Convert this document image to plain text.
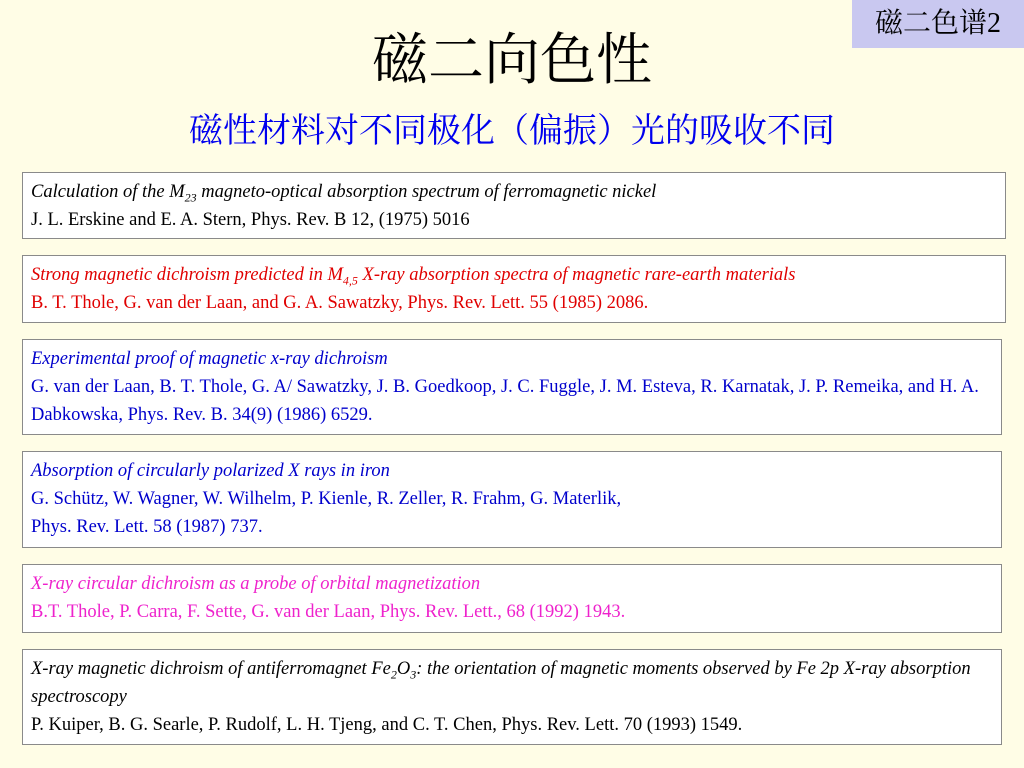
磁二色谱2
磁二向色性
磁性材料对不同极化（偏振）光的吸收不同
Calculation of the $M_{23}$ magneto-optical absorption spectrum of ferromagnetic nickel
J. L. Erskine and E. A. Stern, Phys. Rev. B 12, (1975) 5016
Strong magnetic dichroism predicted in $M_{4,5}$ X-ray absorption spectra of magnetic rare-earth materials
B. T. Thole, G. van der Laan, and G. A. Sawatzky, Phys. Rev. Lett. 55 (1985) 2086.
Experimental proof of magnetic x-ray dichroism
G. van der Laan, B. T. Thole, G. A/ Sawatzky, J. B. Goedkoop, J. C. Fuggle, J. M. Esteva, R. Karnatak, J. P. Remeika, and H. A. Dabkowska, Phys. Rev. B. 34(9) (1986) 6529.
Absorption of circularly polarized X rays in iron
G. Schütz, W. Wagner, W. Wilhelm, P. Kienle, R. Zeller, R. Frahm, G. Materlik,
Phys. Rev. Lett. 58 (1987) 737.
X-ray circular dichroism as a probe of orbital magnetization
B.T. Thole, P. Carra, F. Sette, G. van der Laan, Phys. Rev. Lett., 68 (1992) 1943.
X-ray magnetic dichroism of antiferromagnet $Fe_2O_3$: the orientation of magnetic moments observed by Fe 2p X-ray absorption spectroscopy
P. Kuiper, B. G. Searle, P. Rudolf, L. H. Tjeng, and C. T. Chen, Phys. Rev. Lett. 70 (1993) 1549.
